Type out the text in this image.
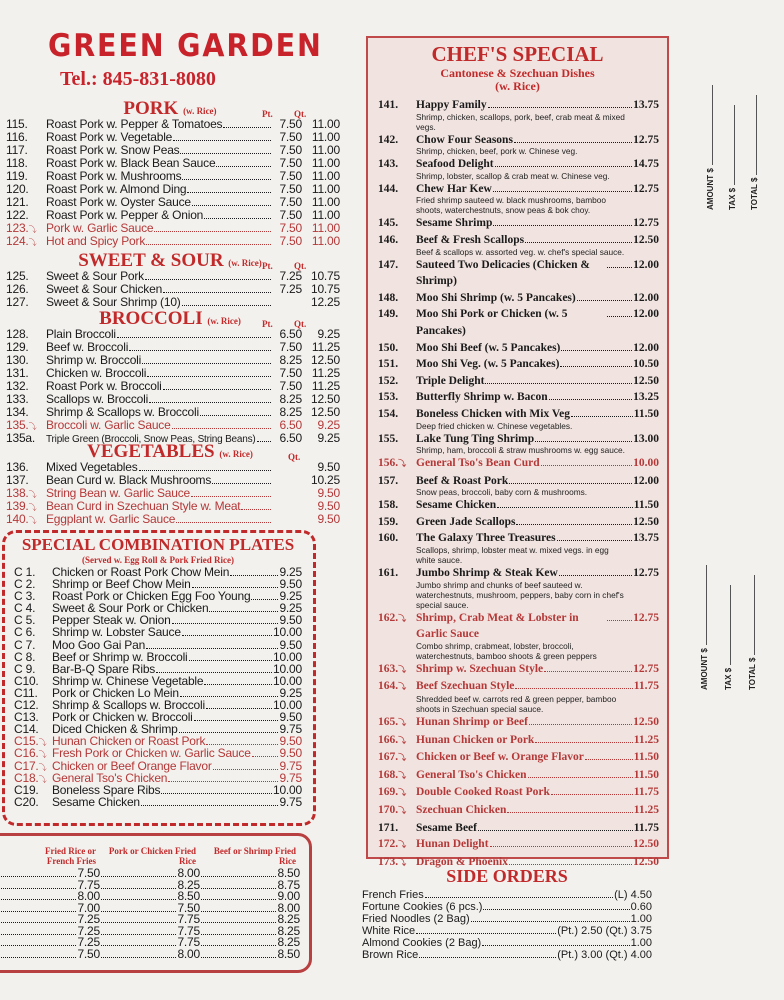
GREEN GARDEN
Tel.: 845-831-8080
PORK (w. Rice)	Pt. Qt.
115.	Roast Pork w. Pepper & Tomatoes	7.50 11.00
116.	Roast Pork w. Vegetable	7.50 11.00
117.	Roast Pork w. Snow Peas	7.50 11.00
118.	Roast Pork w. Black Bean Sauce	7.50 11.00
119.	Roast Pork w. Mushrooms	7.50 11.00
120.	Roast Pork w. Almond Ding	7.50 11.00
121.	Roast Pork w. Oyster Sauce	7.50 11.00
122.	Roast Pork w. Pepper & Onion	7.50 11.00
123.⤵ Pork w. Garlic Sauce	7.50 11.00
124.⤵ Hot and Spicy Pork	7.50 11.00
SWEET & SOUR (w. Rice) Pt. Qt.
125.	Sweet & Sour Pork	7.25 10.75
126.	Sweet & Sour Chicken	7.25 10.75
127.	Sweet & Sour Shrimp (10)	12.25
BROCCOLI (w. Rice) Pt. Qt.
128.	Plain Broccoli	6.50	9.25
129.	Beef w. Broccoli	7.50 11.25
130.	Shrimp w. Broccoli	8.25 12.50
131.	Chicken w. Broccoli	7.50 11.25
132.	Roast Pork w. Broccoli	7.50 11.25
133.	Scallops w. Broccoli	8.25 12.50
134.	Shrimp & Scallops w. Broccoli	8.25 12.50
135.⤵ Broccoli w. Garlic Sauce	6.50	9.25
135a.	Triple Green (Broccoli, Snow Peas, String Beans)	6.50	9.25
VEGETABLES (w. Rice)	Qt.
136.	Mixed Vegetables	9.50
137.	Bean Curd w. Black Mushrooms	10.25
138.⤵ String Bean w. Garlic Sauce	9.50
139.⤵ Bean Curd in Szechuan Style w. Meat	9.50
140.⤵ Eggplant w. Garlic Sauce	9.50
SPECIAL COMBINATION PLATES
(Served w. Egg Roll & Pork Fried Rice)
C 1.	Chicken or Roast Pork Chow Mein	9.25
C 2.	Shrimp or Beef Chow Mein	9.50
C 3.	Roast Pork or Chicken Egg Foo Young 9.25
C 4.	Sweet & Sour Pork or Chicken	9.25
C 5.	Pepper Steak w. Onion	9.50
C 6.	Shrimp w. Lobster Sauce	10.00
C 7.	Moo Goo Gai Pan	9.50
C 8.	Beef or Shrimp w. Broccoli	10.00
C 9.	Bar-B-Q Spare Ribs	10.00
C10.	Shrimp w. Chinese Vegetable	10.00
C11.	Pork or Chicken Lo Mein	9.25
C12.	Shrimp & Scallops w. Broccoli	10.00
C13.	Pork or Chicken w. Broccoli	9.50
C14.	Diced Chicken & Shrimp	9.75
C15.⤵ Hunan Chicken or Roast Pork	9.50
C16.⤵ Fresh Pork or Chicken w. Garlic Sauce 9.50
C17.⤵ Chicken or Beef Orange Flavor	9.75
C18.⤵ General Tso's Chicken	9.75
C19.	Boneless Spare Ribs	10.00
C20.	Sesame Chicken	9.75
Fried Rice or French Fries
Pork or Chicken Fried Rice
Beef or Shrimp Fried Rice
7.50	8.00	8.50
7.75	8.25	8.75
8.00	8.50	9.00
7.00	7.50	8.00
7.25	7.75	8.25
7.25	7.75	8.25
7.25	7.75	8.25
7.50	8.00	8.50
CHEF'S SPECIAL
Cantonese & Szechuan Dishes
(w. Rice)
141.	Happy Family	13.75
Shrimp, chicken, scallops, pork, beef, crab meat & mixed vegs.
142.	Chow Four Seasons	12.75
Shrimp, chicken, beef, pork w. Chinese veg.
143.	Seafood Delight	14.75
Shrimp, lobster, scallop & crab meat w. Chinese veg.
144.	Chew Har Kew	12.75
Fried shrimp sauteed w. black mushrooms, bamboo shoots, waterchestnuts, snow peas & bok choy.
145.	Sesame Shrimp	12.75
146.	Beef & Fresh Scallops	12.50
Beef & scallops w. assorted veg. w. chef's special sauce.
147.	Sauteed Two Delicacies (Chicken & Shrimp)
12.00
148.	Moo Shi Shrimp (w. 5 Pancakes)	12.00
149.	Moo Shi Pork or Chicken (w. 5 Pancakes)
12.00
150.	Moo Shi Beef (w. 5 Pancakes)	12.00
151.	Moo Shi Veg. (w. 5 Pancakes)	10.50
152.	Triple Delight	12.50
153.	Butterfly Shrimp w. Bacon	13.25
154.	Boneless Chicken with Mix Veg	11.50
Deep fried chicken w. Chinese vegetables.
155.	Lake Tung Ting Shrimp	13.00
Shrimp, ham, broccoli & straw mushrooms w. egg sauce.
156.⤵ General Tso's Bean Curd	10.00
157.	Beef & Roast Pork	12.00
Snow peas, broccoli, baby corn & mushrooms.
158.	Sesame Chicken	11.50
159.	Green Jade Scallops	12.50
160.	The Galaxy Three Treasures	13.75
Scallops, shrimp, lobster meat w. mixed vegs. in egg white sauce.
161.	Jumbo Shrimp & Steak Kew	12.75
Jumbo shrimp and chunks of beef sauteed w. waterchestnuts, mushroom, peppers, baby corn in chef's special sauce.
162.⤵ Shrimp, Crab Meat & Lobster in Garlic Sauce
12.75
Combo shrimp, crabmeat, lobster, broccoli, waterchestnuts, bamboo shoots & green peppers
163.⤵ Shrimp w. Szechuan Style	12.75
164.⤵ Beef Szechuan Style	11.75
Shredded beef w. carrots red & green pepper, bamboo shoots in Szechuan special sauce.
165.⤵ Hunan Shrimp or Beef	12.50
166.⤵ Hunan Chicken or Pork	11.25
167.⤵ Chicken or Beef w. Orange Flavor	11.50
168.⤵ General Tso's Chicken	11.50
169.⤵ Double Cooked Roast Pork	11.75
170.⤵ Szechuan Chicken	11.25
171.	Sesame Beef	11.75
172.⤵ Hunan Delight	12.50
173.⤵ Dragon & Phoenix	12.50
SIDE ORDERS
French Fries	(L) 4.50
Fortune Cookies (6 pcs.)	0.60
Fried Noodles (2 Bag)	1.00
White Rice	(Pt.) 2.50 (Qt.) 3.75
Almond Cookies (2 Bag)	1.00
Brown Rice	(Pt.) 3.00 (Qt.) 4.00
AMOUNT $ TAX $ TOTAL $
AMOUNT $ TAX $ TOTAL $
